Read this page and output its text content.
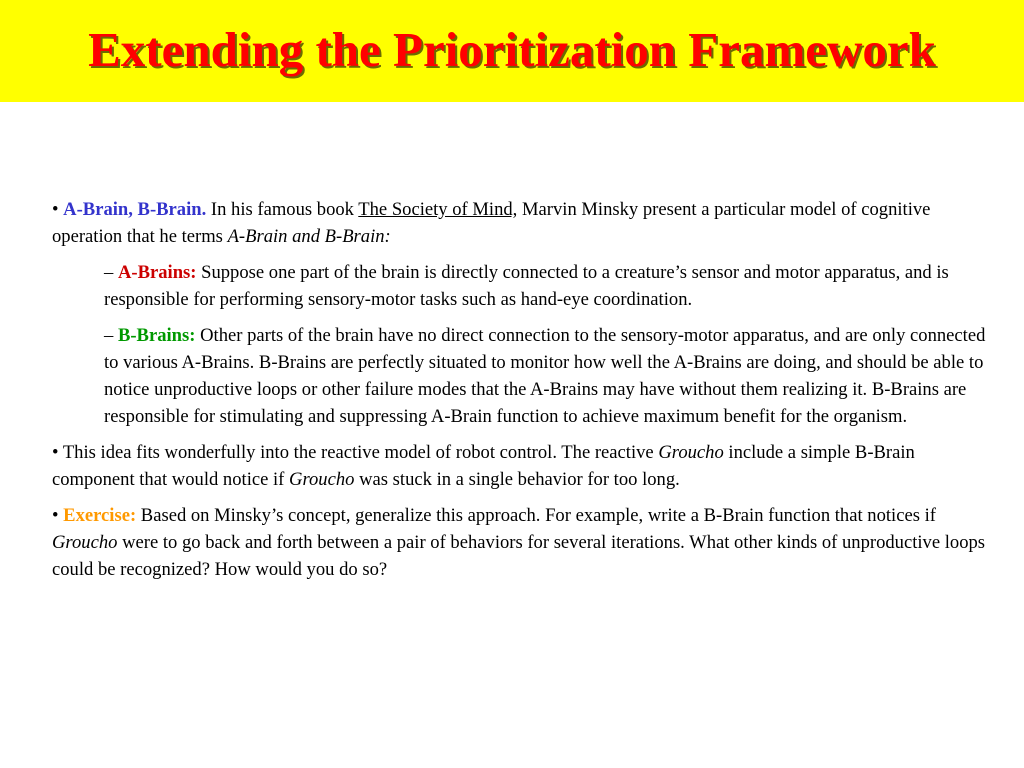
Extending the Prioritization Framework
• A-Brain, B-Brain. In his famous book The Society of Mind, Marvin Minsky present a particular model of cognitive operation that he terms A-Brain and B-Brain:
– A-Brains: Suppose one part of the brain is directly connected to a creature’s sensor and motor apparatus, and is responsible for performing sensory-motor tasks such as hand-eye coordination.
– B-Brains: Other parts of the brain have no direct connection to the sensory-motor apparatus, and are only connected to various A-Brains. B-Brains are perfectly situated to monitor how well the A-Brains are doing, and should be able to notice unproductive loops or other failure modes that the A-Brains may have without them realizing it. B-Brains are responsible for stimulating and suppressing A-Brain function to achieve maximum benefit for the organism.
• This idea fits wonderfully into the reactive model of robot control. The reactive Groucho include a simple B-Brain component that would notice if Groucho was stuck in a single behavior for too long.
• Exercise: Based on Minsky’s concept, generalize this approach. For example, write a B-Brain function that notices if Groucho were to go back and forth between a pair of behaviors for several iterations. What other kinds of unproductive loops could be recognized? How would you do so?
